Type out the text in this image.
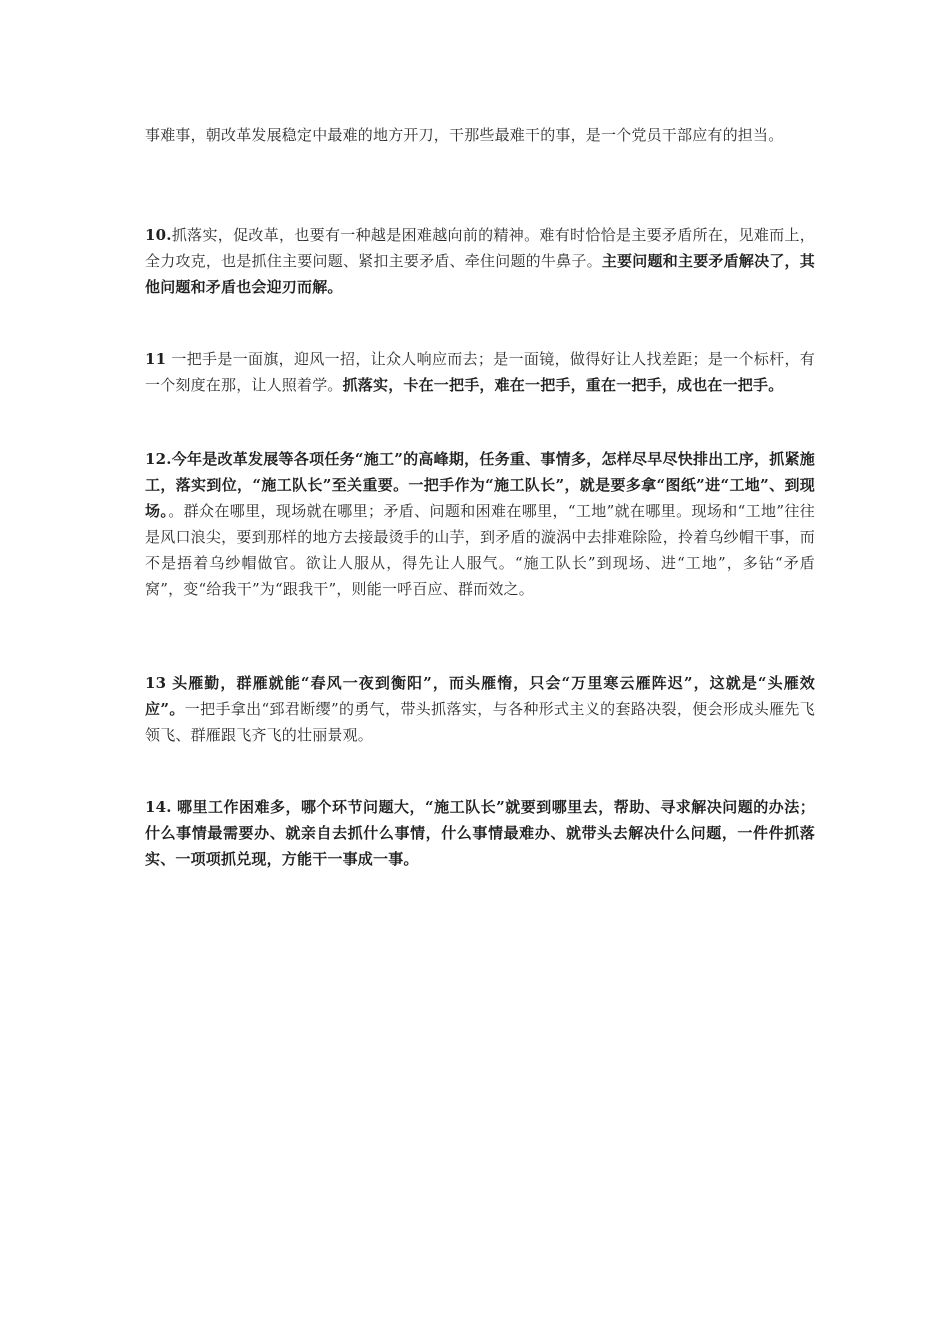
事难事，朝改革发展稳定中最难的地方开刀，干那些最难干的事，是一个党员干部应有的担当。

10.抓落实，促改革，也要有一种越是困难越向前的精神。难有时恰恰是主要矛盾所在，见难而上，全力攻克，也是抓住主要问题、紧扣主要矛盾、牵住问题的牛鼻子。主要问题和主要矛盾解决了，其他问题和矛盾也会迎刃而解。

11 一把手是一面旗，迎风一招，让众人响应而去；是一面镜，做得好让人找差距；是一个标杆，有一个刻度在那，让人照着学。抓落实，卡在一把手，难在一把手，重在一把手，成也在一把手。

12.今年是改革发展等各项任务“施工”的高峰期，任务重、事情多，怎样尽早尽快排出工序，抓紧施工，落实到位，“施工队长”至关重要。一把手作为“施工队长”，就是要多拿“图纸”进“工地”、到现场。。群众在哪里，现场就在哪里；矛盾、问题和困难在哪里，“工地”就在哪里。现场和“工地”往往是风口浪尖，要到那样的地方去接最烫手的山芋，到矛盾的漩涡中去排难除险，拎着乌纱帽干事，而不是捂着乌纱帽做官。欲让人服从，得先让人服气。“施工队长”到现场、进“工地”，多钻“矛盾窝”，变“给我干”为“跟我干”，则能一呼百应、群而效之。

13 头雁勤，群雁就能“春风一夜到衡阳”，而头雁惰，只会“万里寒云雁阵迟”，这就是“头雁效应”。一把手拿出“郅君断缨”的勇气，带头抓落实，与各种形式主义的套路决裂，便会形成头雁先飞领飞、群雁跟飞齐飞的壮丽景观。

14. 哪里工作困难多，哪个环节问题大，“施工队长”就要到哪里去，帮助、寻求解决问题的办法；什么事情最需要办、就亲自去抓什么事情，什么事情最难办、就带头去解决什么问题，一件件抓落实、一项项抓兑现，方能干一事成一事。
